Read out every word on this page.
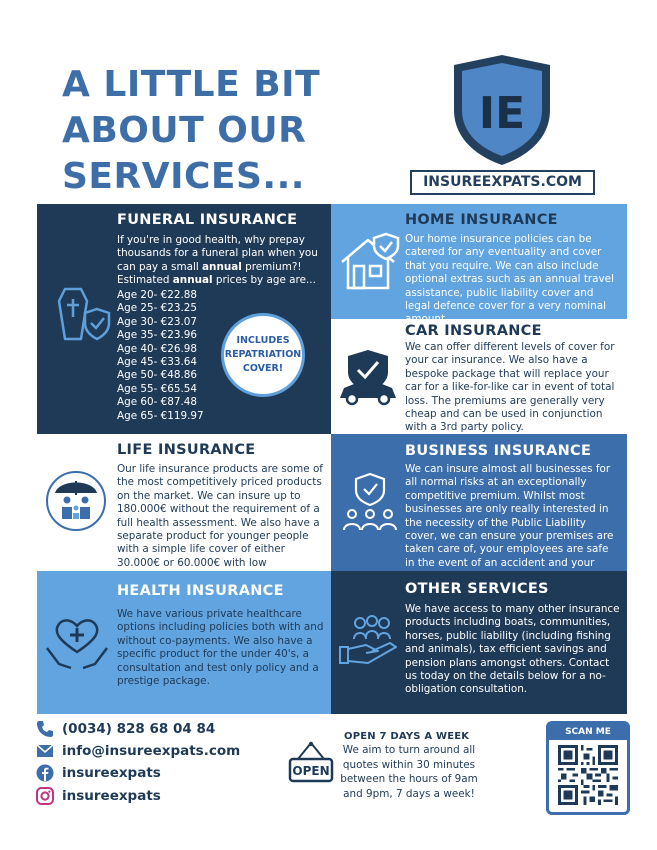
A LITTLE BIT
ABOUT OUR
SERVICES...
IE
INSUREEXPATS.COM
FUNERAL INSURANCE
If you're in good health, why prepay thousands for a funeral plan when you can pay a small annual premium?!
Estimated annual prices by age are...
Age 20- €22.88
Age 25- €23.25
Age 30- €23.07
Age 35- €23.96
Age 40- €26.98
Age 45- €33.64
Age 50- €48.86
Age 55- €65.54
Age 60- €87.48
Age 65- €119.97
INCLUDES
REPATRIATION
COVER!
HOME INSURANCE
Our home insurance policies can be catered for any eventuality and cover that you require. We can also include optional extras such as an annual travel assistance, public liability cover and legal defence cover for a very nominal
CAR INSURANCE
We can offer different levels of cover for your car insurance. We also have a bespoke package that will replace your car for a like-for-like car in event of total loss. The premiums are generally very cheap and can be used in conjunction with a 3rd party policy.
LIFE INSURANCE
Our life insurance products are some of the most competitively priced products on the market. We can insure up to 180.000€ without the requirement of a full health assessment. We also have a separate product for younger people with a simple life cover of either 30.000€ or 60.000€ with low
BUSINESS INSURANCE
We can insure almost all businesses for all normal risks at an exceptionally competitive premium. Whilst most businesses are only really interested in the necessity of the Public Liability cover, we can ensure your premises are taken care of, your employees are safe in the event of an accident and your
HEALTH INSURANCE
We have various private healthcare options including policies both with and without co-payments. We also have a specific product for the under 40's, a consultation and test only policy and a prestige package.
OTHER SERVICES
We have access to many other insurance products including boats, communities, horses, public liability (including fishing and animals), tax efficient savings and pension plans amongst others. Contact us today on the details below for a no-obligation consultation.
(0034) 828 68 04 84
info@insureexpats.com
insureexpats
insureexpats
OPEN
OPEN 7 DAYS A WEEK
We aim to turn around all quotes within 30 minutes between the hours of 9am and 9pm, 7 days a week!
SCAN ME
